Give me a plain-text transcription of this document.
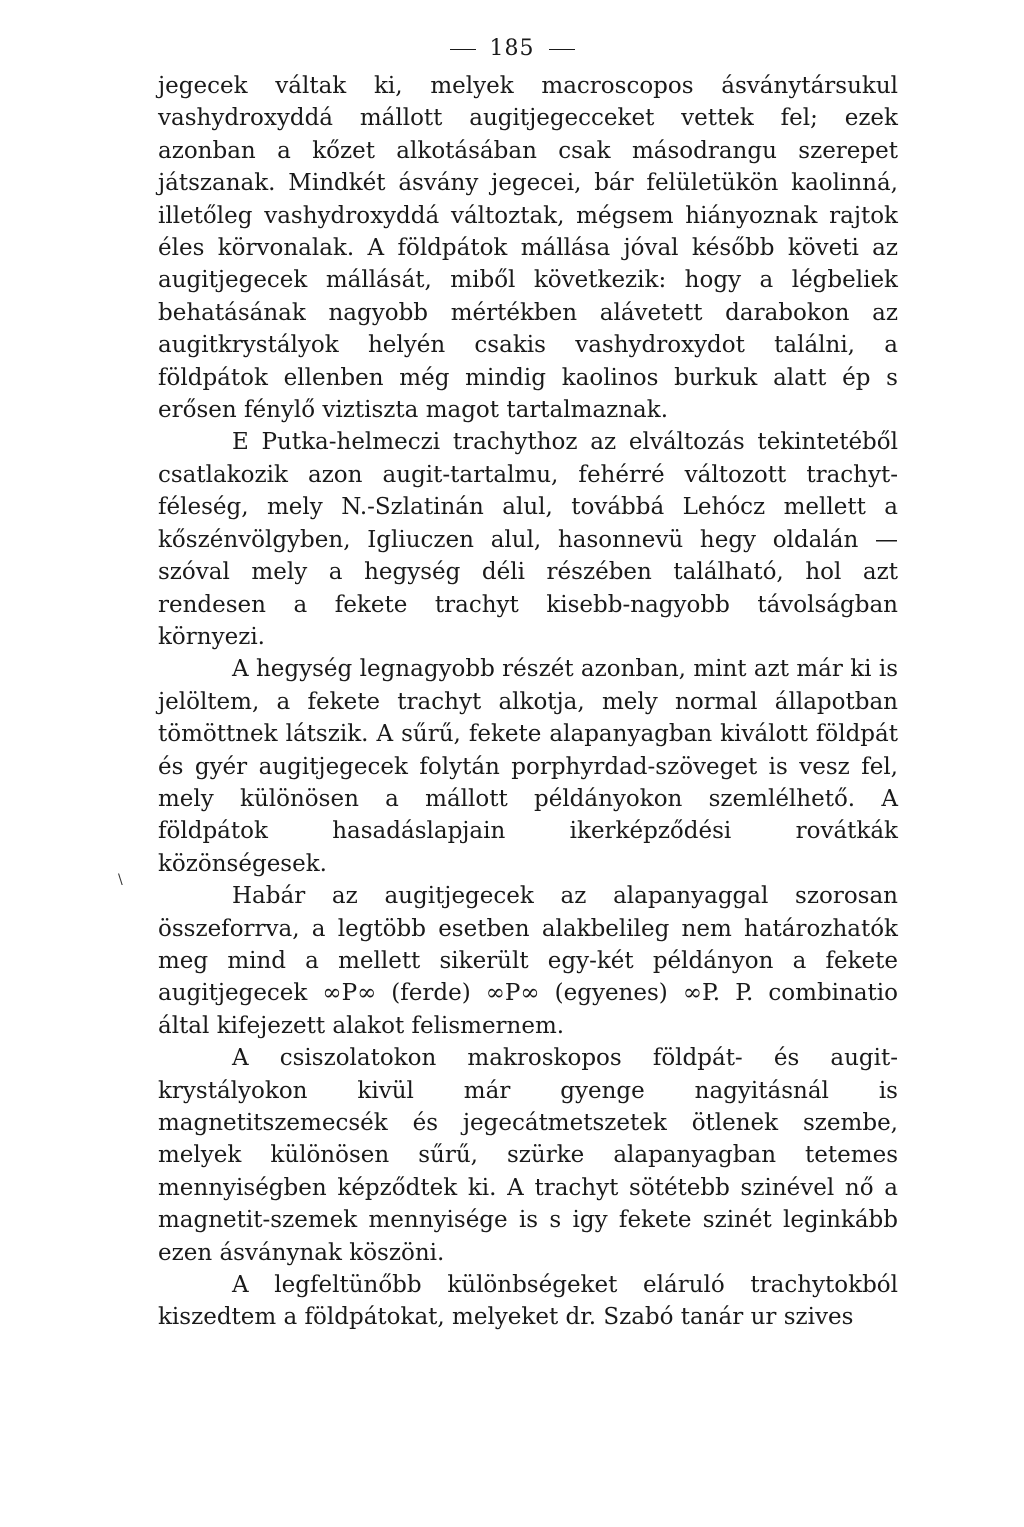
185

jegecek váltak ki, melyek macroscopos ásványtársukul vashydroxyddá mállott augitjegecceket vettek fel; ezek azonban a kőzet alkotásában csak másodrangu szerepet játszanak. Mindkét ásvány jegecei, bár felületükön kaolinná, illetőleg vashydroxyddá változtak, mégsem hiányoznak rajtok éles körvonalak. A földpátok mállása jóval később követi az augitjegecek mállását, miből következik: hogy a légbeliek behatásának nagyobb mértékben alávetett darabokon az augitkrystályok helyén csakis vashydroxydot találni, a földpátok ellenben még mindig kaolinos burkuk alatt ép s erősen fénylő viztiszta magot tartalmaznak.

E Putka-helmeczi trachythoz az elváltozás tekintetéből csatlakozik azon augit-tartalmu, fehérré változott trachyt-féleség, mely N.-Szlatinán alul, továbbá Lehócz mellett a kőszénvölgyben, Igliuczen alul, hasonnevü hegy oldalán — szóval mely a hegység déli részében található, hol azt rendesen a fekete trachyt kisebb-nagyobb távolságban környezi.

A hegység legnagyobb részét azonban, mint azt már ki is jelöltem, a fekete trachyt alkotja, mely normal állapotban tömöttnek látszik. A sűrű, fekete alapanyagban kiválott földpát és gyér augitjegecek folytán porphyrdad-szöveget is vesz fel, mely különösen a mállott példányokon szemlélhető. A földpátok hasadáslapjain ikerképződési rovátkák közönségesek.

Habár az augitjegecek az alapanyaggal szorosan összeforrva, a legtöbb esetben alakbelileg nem határozhatók meg mind a mellett sikerült egy-két példányon a fekete augitjegecek ∞P∞ (ferde) ∞P∞ (egyenes) ∞P. P. combinatio által kifejezett alakot felismernem.

A csiszolatokon makroskopos földpát- és augit-krystályokon kivül már gyenge nagyitásnál is magnetitszemecsék és jegecátmetszetek ötlenek szembe, melyek különösen sűrű, szürke alapanyagban tetemes mennyiségben képződtek ki. A trachyt sötétebb szinével nő a magnetit-szemek mennyisége is s igy fekete szinét leginkább ezen ásványnak köszöni.

A legfeltünőbb különbségeket eláruló trachytokból kiszedtem a földpátokat, melyeket dr. Szabó tanár ur szives

\
